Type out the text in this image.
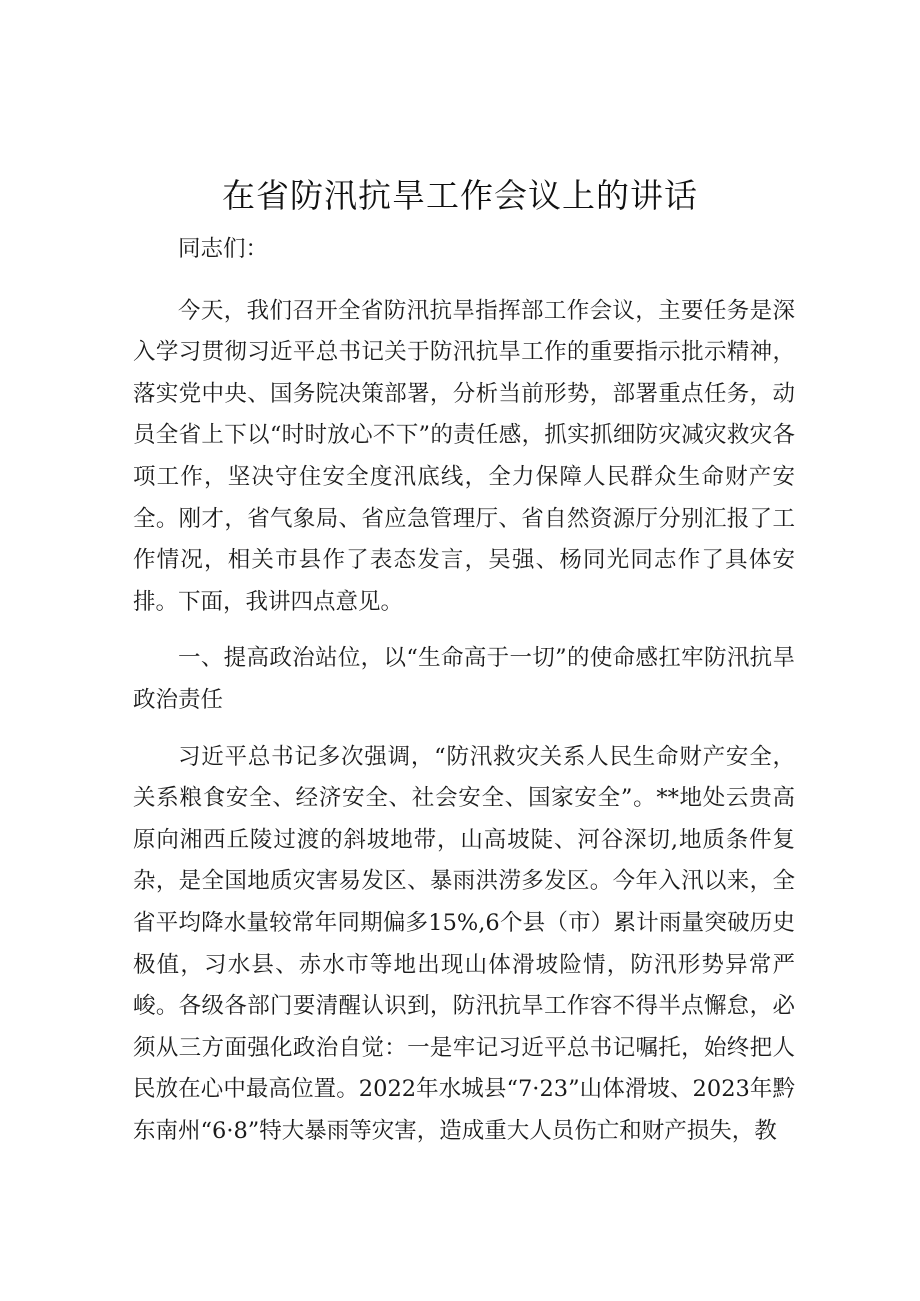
在省防汛抗旱工作会议上的讲话

同志们：

今天，我们召开全省防汛抗旱指挥部工作会议，主要任务是深入学习贯彻习近平总书记关于防汛抗旱工作的重要指示批示精神，落实党中央、国务院决策部署，分析当前形势，部署重点任务，动员全省上下以“时时放心不下”的责任感，抓实抓细防灾减灾救灾各项工作，坚决守住安全度汛底线，全力保障人民群众生命财产安全。刚才，省气象局、省应急管理厅、省自然资源厅分别汇报了工作情况，相关市县作了表态发言，吴强、杨同光同志作了具体安排。下面，我讲四点意见。

一、提高政治站位，以“生命高于一切”的使命感扛牢防汛抗旱政治责任

习近平总书记多次强调，“防汛救灾关系人民生命财产安全，关系粮食安全、经济安全、社会安全、国家安全”。**地处云贵高原向湘西丘陵过渡的斜坡地带，山高坡陡、河谷深切,地质条件复杂，是全国地质灾害易发区、暴雨洪涝多发区。今年入汛以来，全省平均降水量较常年同期偏多15%,6个县（市）累计雨量突破历史极值，习水县、赤水市等地出现山体滑坡险情，防汛形势异常严峻。各级各部门要清醒认识到，防汛抗旱工作容不得半点懈怠，必须从三方面强化政治自觉：一是牢记习近平总书记嘱托，始终把人民放在心中最高位置。2022年水城县“7·23”山体滑坡、2023年黔东南州“6·8”特大暴雨等灾害，造成重大人员伤亡和财产损失，教
